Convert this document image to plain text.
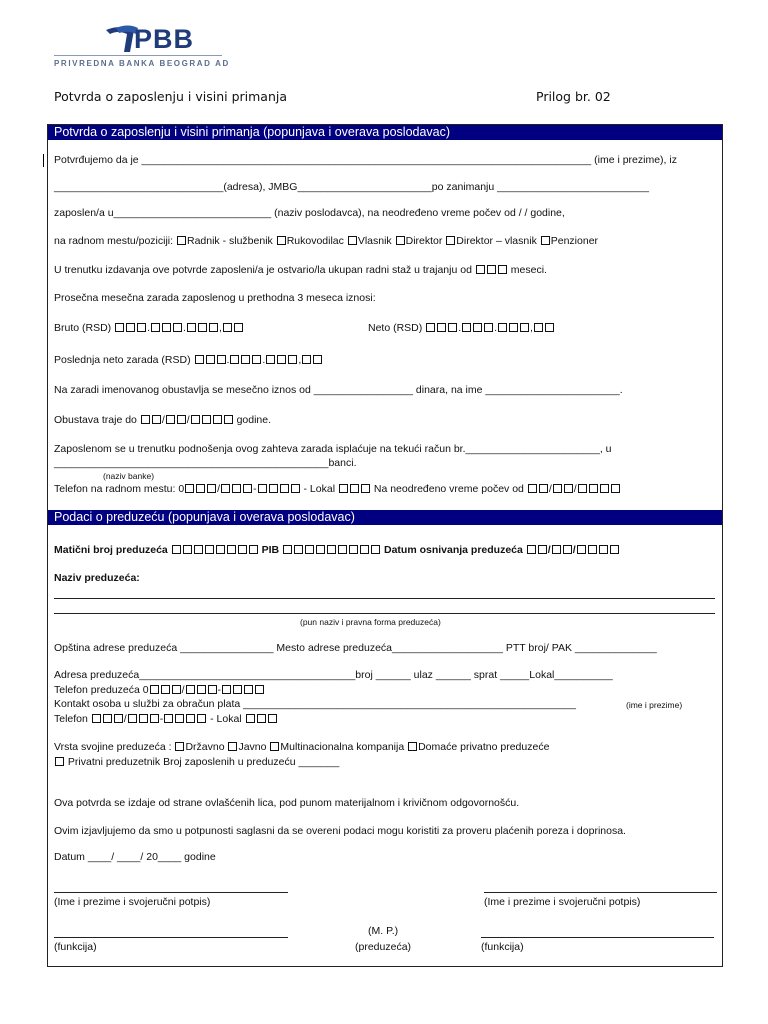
PBB
PRIVREDNA BANKA BEOGRAD AD
Potvrda o zaposlenju i visini primanja	Prilog br. 02
Potvrda o zaposlenju i visini primanja (popunjava i overava poslodavac)
Potvrđujemo da je _____________________________________________________________________________ (ime i prezime), iz
_____________________________(adresa), JMBG_______________________po zanimanju __________________________
zaposlen/a u___________________________ (naziv poslodavca), na neodređeno vreme počev od / / godine,
na radnom mestu/poziciji: Radnik - službenik Rukovodilac Vlasnik Direktor Direktor – vlasnik Penzioner
U trenutku izdavanja ove potvrde zaposleni/a je ostvario/la ukupan radni staž u trajanju od	meseci.
Prosečna mesečna zarada zaposlenog u prethodna 3 meseca iznosi:
Bruto (RSD)	.	.	,	Neto (RSD)	.	.	,
Poslednja neto zarada (RSD)	.	.	,
Na zaradi imenovanog obustavlja se mesečno iznos od _________________ dinara, na ime _______________________.
Obustava traje do / /	godine.
Zaposlenom se u trenutku podnošenja ovog zahteva zarada isplaćuje na tekući račun br._______________________, u
_______________________________________________banci.
(naziv banke)
Telefon na radnom mestu: 0	/	-	- Lokal	Na neodređeno vreme počev od / /
Podaci o preduzeću (popunjava i overava poslodavac)
Matični broj preduzeća	PIB	Datum osnivanja preduzeća / /
Naziv preduzeća:
(pun naziv i pravna forma preduzeća)
Opština adrese preduzeća ________________ Mesto adrese preduzeća___________________ PTT broj/ PAK ______________
Adresa preduzeća_____________________________________broj ______ ulaz ______ sprat _____Lokal__________
Telefon preduzeća 0	/	-
Kontakt osoba u službi za obračun plata _________________________________________________________	(ime i prezime)
Telefon	/	-	- Lokal
Vrsta svojine preduzeća : Državno Javno Multinacionalna kompanija Domaće privatno preduzeće
Privatni preduzetnik Broj zaposlenih u preduzeću _______
Ova potvrda se izdaje od strane ovlašćenih lica, pod punom materijalnom i krivičnom odgovornošću.
Ovim izjavljujemo da smo u potpunosti saglasni da se overeni podaci mogu koristiti za proveru plaćenih poreza i doprinosa.
Datum ____/ ____/ 20____ godine
(Ime i prezime i svojeručni potpis)	(Ime i prezime i svojeručni potpis)
(M. P.)
(funkcija)	(preduzeća)	(funkcija)
